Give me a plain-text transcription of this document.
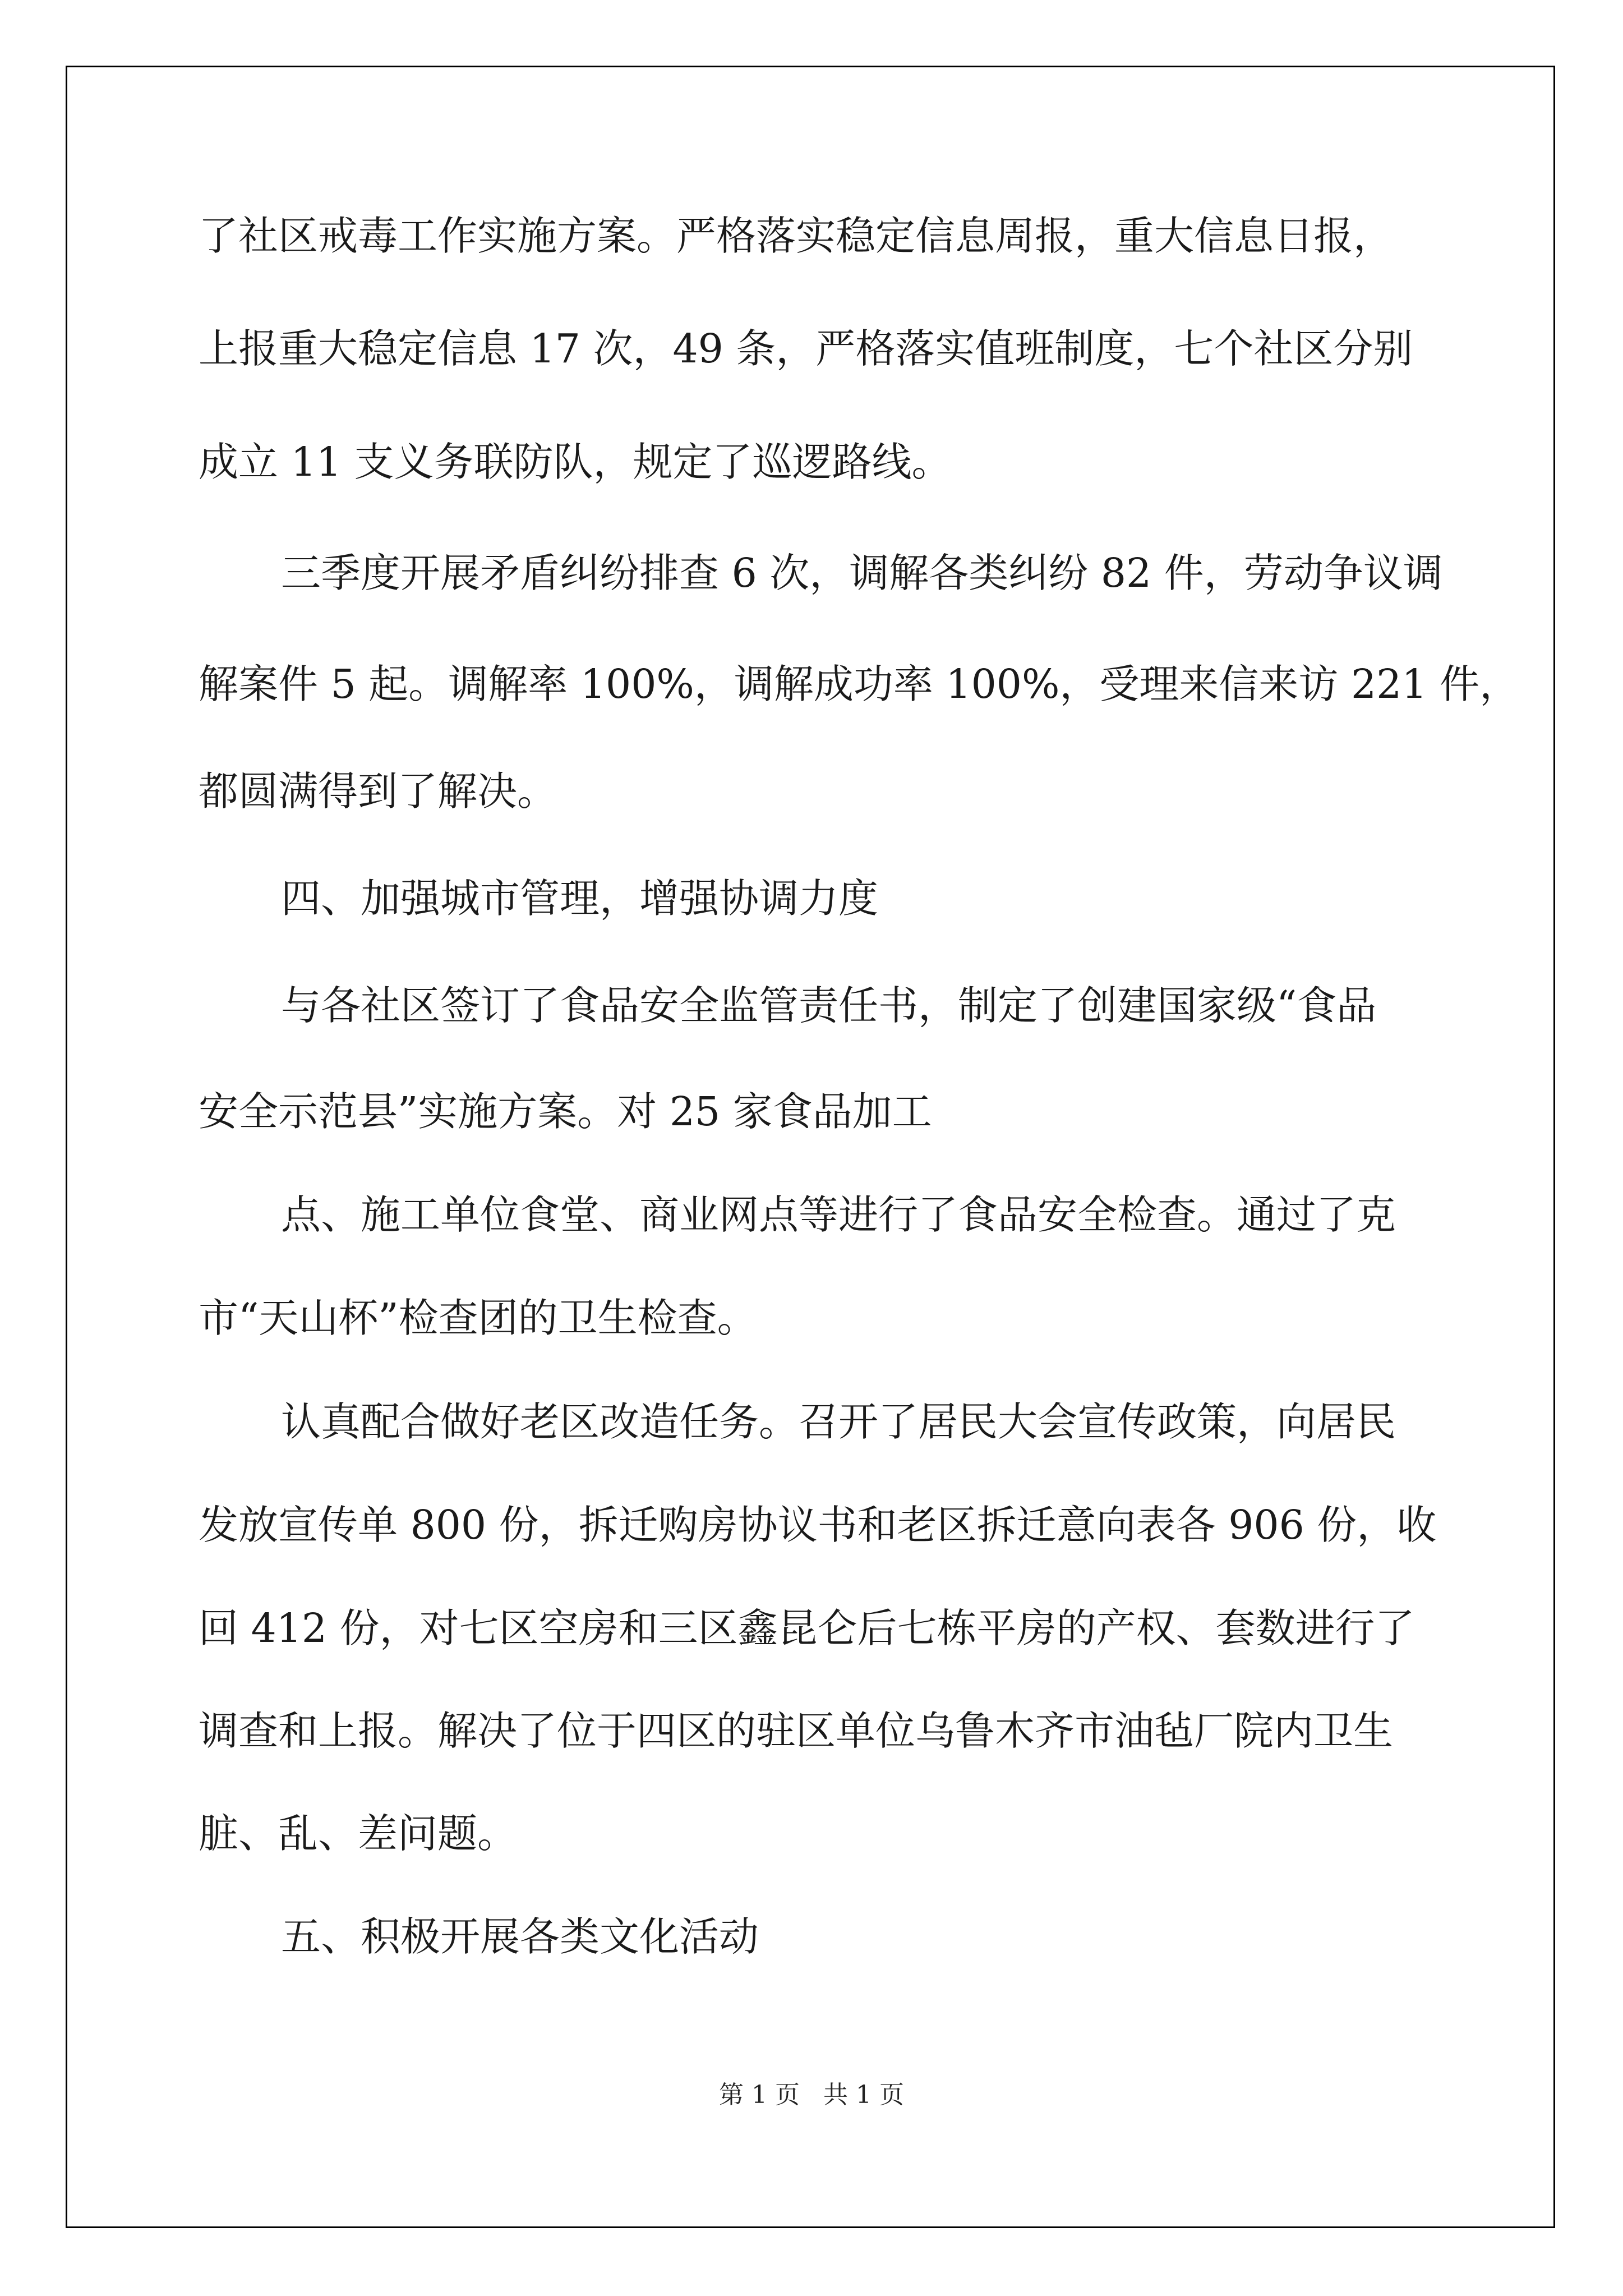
了社区戒毒工作实施方案。严格落实稳定信息周报，重大信息日报，

上报重大稳定信息 17 次，49 条，严格落实值班制度，七个社区分别

成立 11 支义务联防队，规定了巡逻路线。

三季度开展矛盾纠纷排查 6 次，调解各类纠纷 82 件，劳动争议调

解案件 5 起。调解率 100%，调解成功率 100%，受理来信来访 221 件，

都圆满得到了解决。

四、加强城市管理，增强协调力度

与各社区签订了食品安全监管责任书，制定了创建国家级“食品

安全示范县”实施方案。对 25 家食品加工

点、施工单位食堂、商业网点等进行了食品安全检查。通过了克

市“天山杯”检查团的卫生检查。

认真配合做好老区改造任务。召开了居民大会宣传政策，向居民

发放宣传单 800 份，拆迁购房协议书和老区拆迁意向表各 906 份，收

回 412 份，对七区空房和三区鑫昆仑后七栋平房的产权、套数进行了

调查和上报。解决了位于四区的驻区单位乌鲁木齐市油毡厂院内卫生

脏、乱、差问题。

五、积极开展各类文化活动

第 1 页   共 1 页
